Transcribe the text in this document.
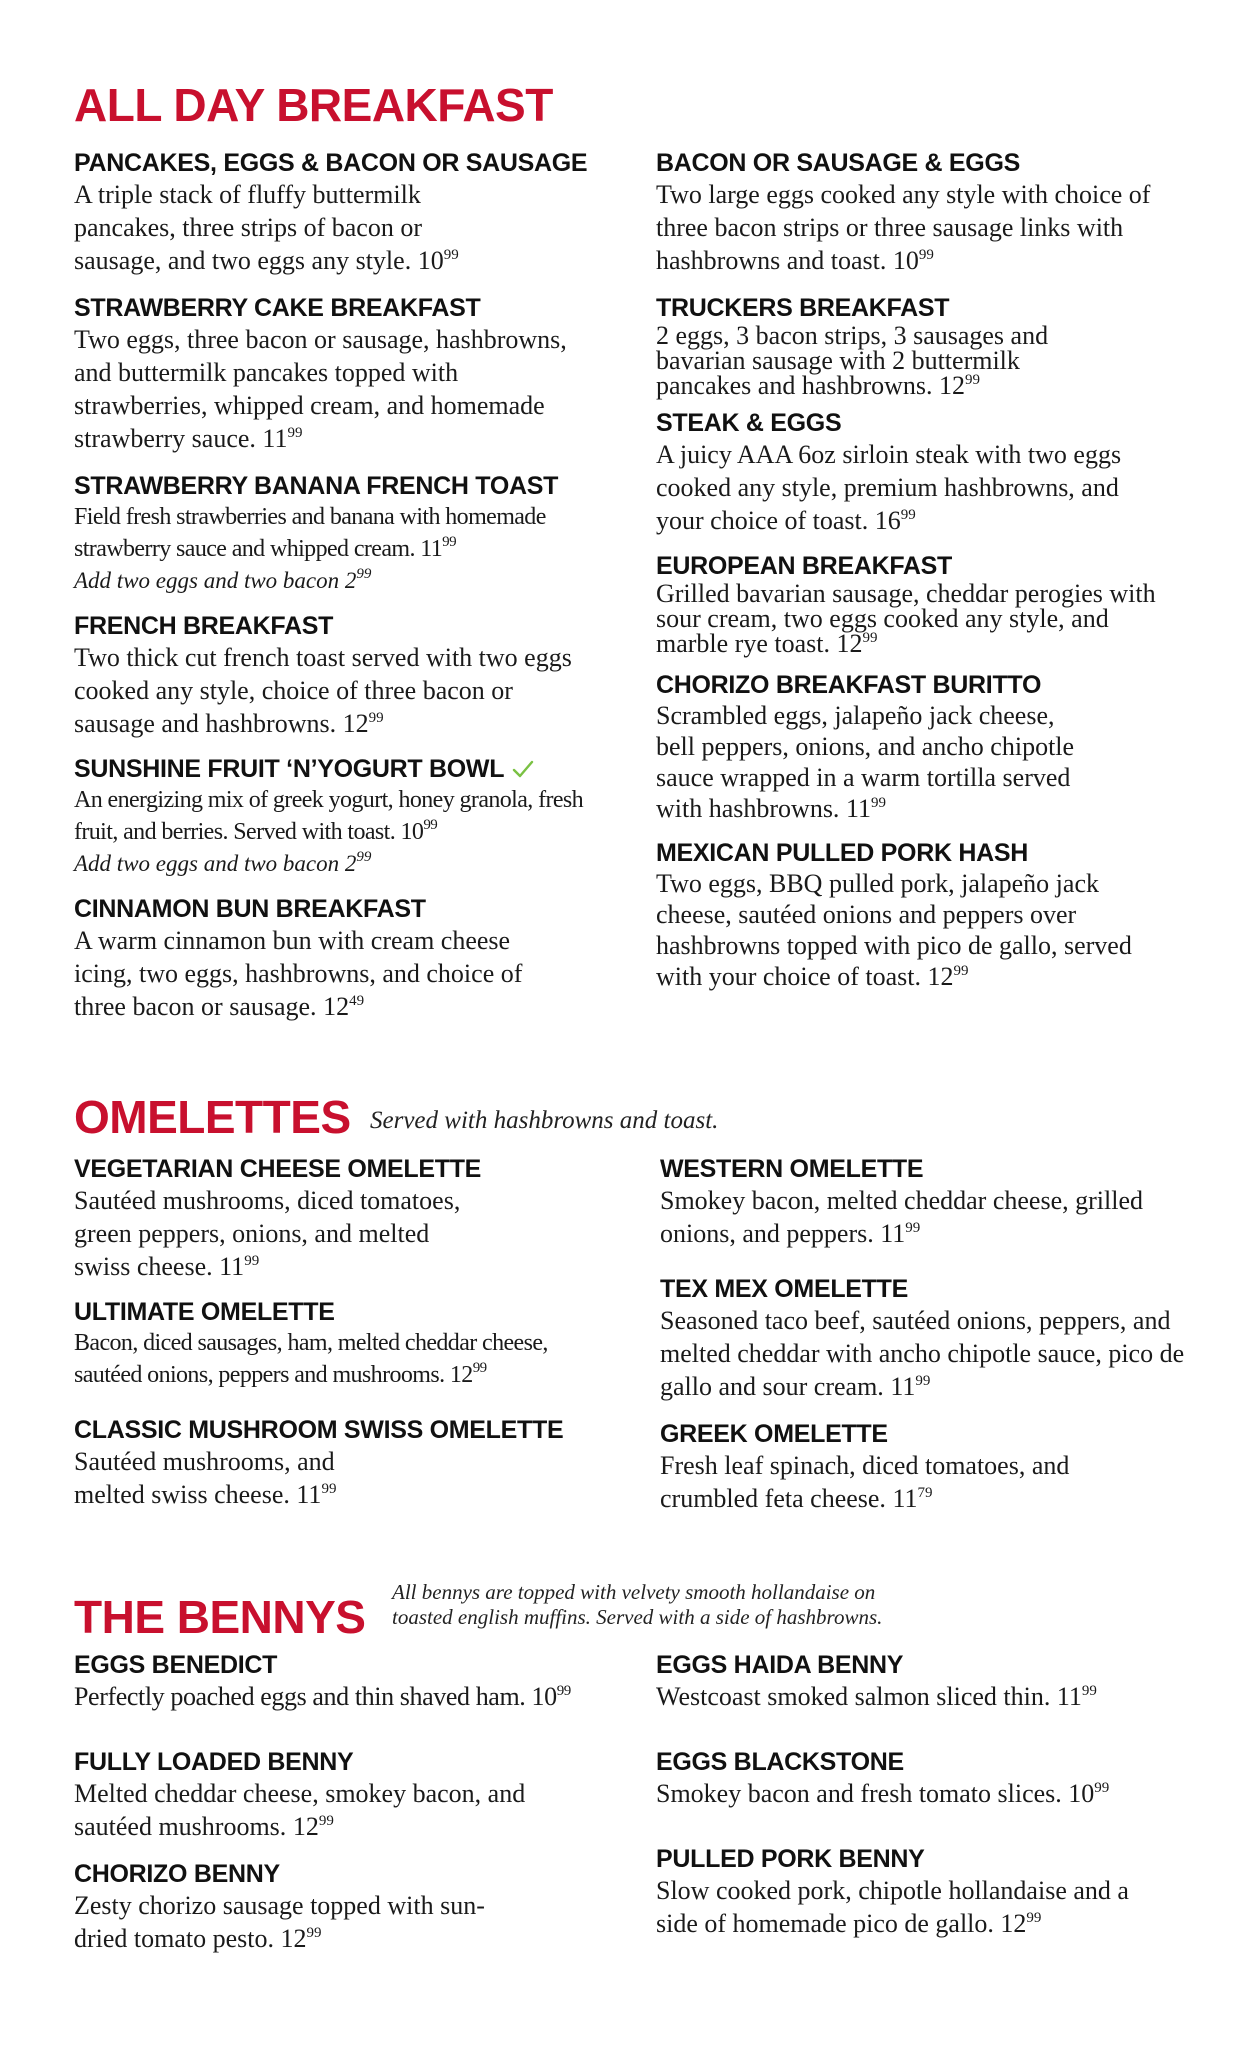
ALL DAY BREAKFAST
PANCAKES, EGGS & BACON OR SAUSAGE
A triple stack of fluffy buttermilk pancakes, three strips of bacon or sausage, and two eggs any style. $10^{99}$
STRAWBERRY CAKE BREAKFAST
Two eggs, three bacon or sausage, hashbrowns, and buttermilk pancakes topped with strawberries, whipped cream, and homemade strawberry sauce. $11^{99}$
STRAWBERRY BANANA FRENCH TOAST
Field fresh strawberries and banana with homemade strawberry sauce and whipped cream. $11^{99}$
Add two eggs and two bacon $2^{99}$
FRENCH BREAKFAST
Two thick cut french toast served with two eggs cooked any style, choice of three bacon or sausage and hashbrowns. $12^{99}$
SUNSHINE FRUIT ‘N’YOGURT BOWL
An energizing mix of greek yogurt, honey granola, fresh fruit, and berries. Served with toast. $10^{99}$
Add two eggs and two bacon $2^{99}$
CINNAMON BUN BREAKFAST
A warm cinnamon bun with cream cheese icing, two eggs, hashbrowns, and choice of three bacon or sausage. $12^{49}$
BACON OR SAUSAGE & EGGS
Two large eggs cooked any style with choice of three bacon strips or three sausage links with hashbrowns and toast. $10^{99}$
TRUCKERS BREAKFAST
2 eggs, 3 bacon strips, 3 sausages and bavarian sausage with 2 buttermilk pancakes and hashbrowns. $12^{99}$
STEAK & EGGS
A juicy AAA 6oz sirloin steak with two eggs cooked any style, premium hashbrowns, and your choice of toast. $16^{99}$
EUROPEAN BREAKFAST
Grilled bavarian sausage, cheddar perogies with sour cream, two eggs cooked any style, and marble rye toast. $12^{99}$
CHORIZO BREAKFAST BURITTO
Scrambled eggs, jalapeño jack cheese, bell peppers, onions, and ancho chipotle sauce wrapped in a warm tortilla served with hashbrowns. $11^{99}$
MEXICAN PULLED PORK HASH
Two eggs, BBQ pulled pork, jalapeño jack cheese, sautéed onions and peppers over hashbrowns topped with pico de gallo, served with your choice of toast. $12^{99}$
OMELETTES Served with hashbrowns and toast.
VEGETARIAN CHEESE OMELETTE
Sautéed mushrooms, diced tomatoes, green peppers, onions, and melted swiss cheese. $11^{99}$
ULTIMATE OMELETTE
Bacon, diced sausages, ham, melted cheddar cheese, sautéed onions, peppers and mushrooms. $12^{99}$
CLASSIC MUSHROOM SWISS OMELETTE
Sautéed mushrooms, and melted swiss cheese. $11^{99}$
WESTERN OMELETTE
Smokey bacon, melted cheddar cheese, grilled onions, and peppers. $11^{99}$
TEX MEX OMELETTE
Seasoned taco beef, sautéed onions, peppers, and melted cheddar with ancho chipotle sauce, pico de gallo and sour cream. $11^{99}$
GREEK OMELETTE
Fresh leaf spinach, diced tomatoes, and crumbled feta cheese. $11^{79}$
THE BENNYS All bennys are topped with velvety smooth hollandaise on
toasted english muffins. Served with a side of hashbrowns.
EGGS BENEDICT
Perfectly poached eggs and thin shaved ham. $10^{99}$
FULLY LOADED BENNY
Melted cheddar cheese, smokey bacon, and sautéed mushrooms. $12^{99}$
CHORIZO BENNY
Zesty chorizo sausage topped with sun-dried tomato pesto. $12^{99}$
EGGS HAIDA BENNY
Westcoast smoked salmon sliced thin. $11^{99}$
EGGS BLACKSTONE
Smokey bacon and fresh tomato slices. $10^{99}$
PULLED PORK BENNY
Slow cooked pork, chipotle hollandaise and a side of homemade pico de gallo. $12^{99}$
